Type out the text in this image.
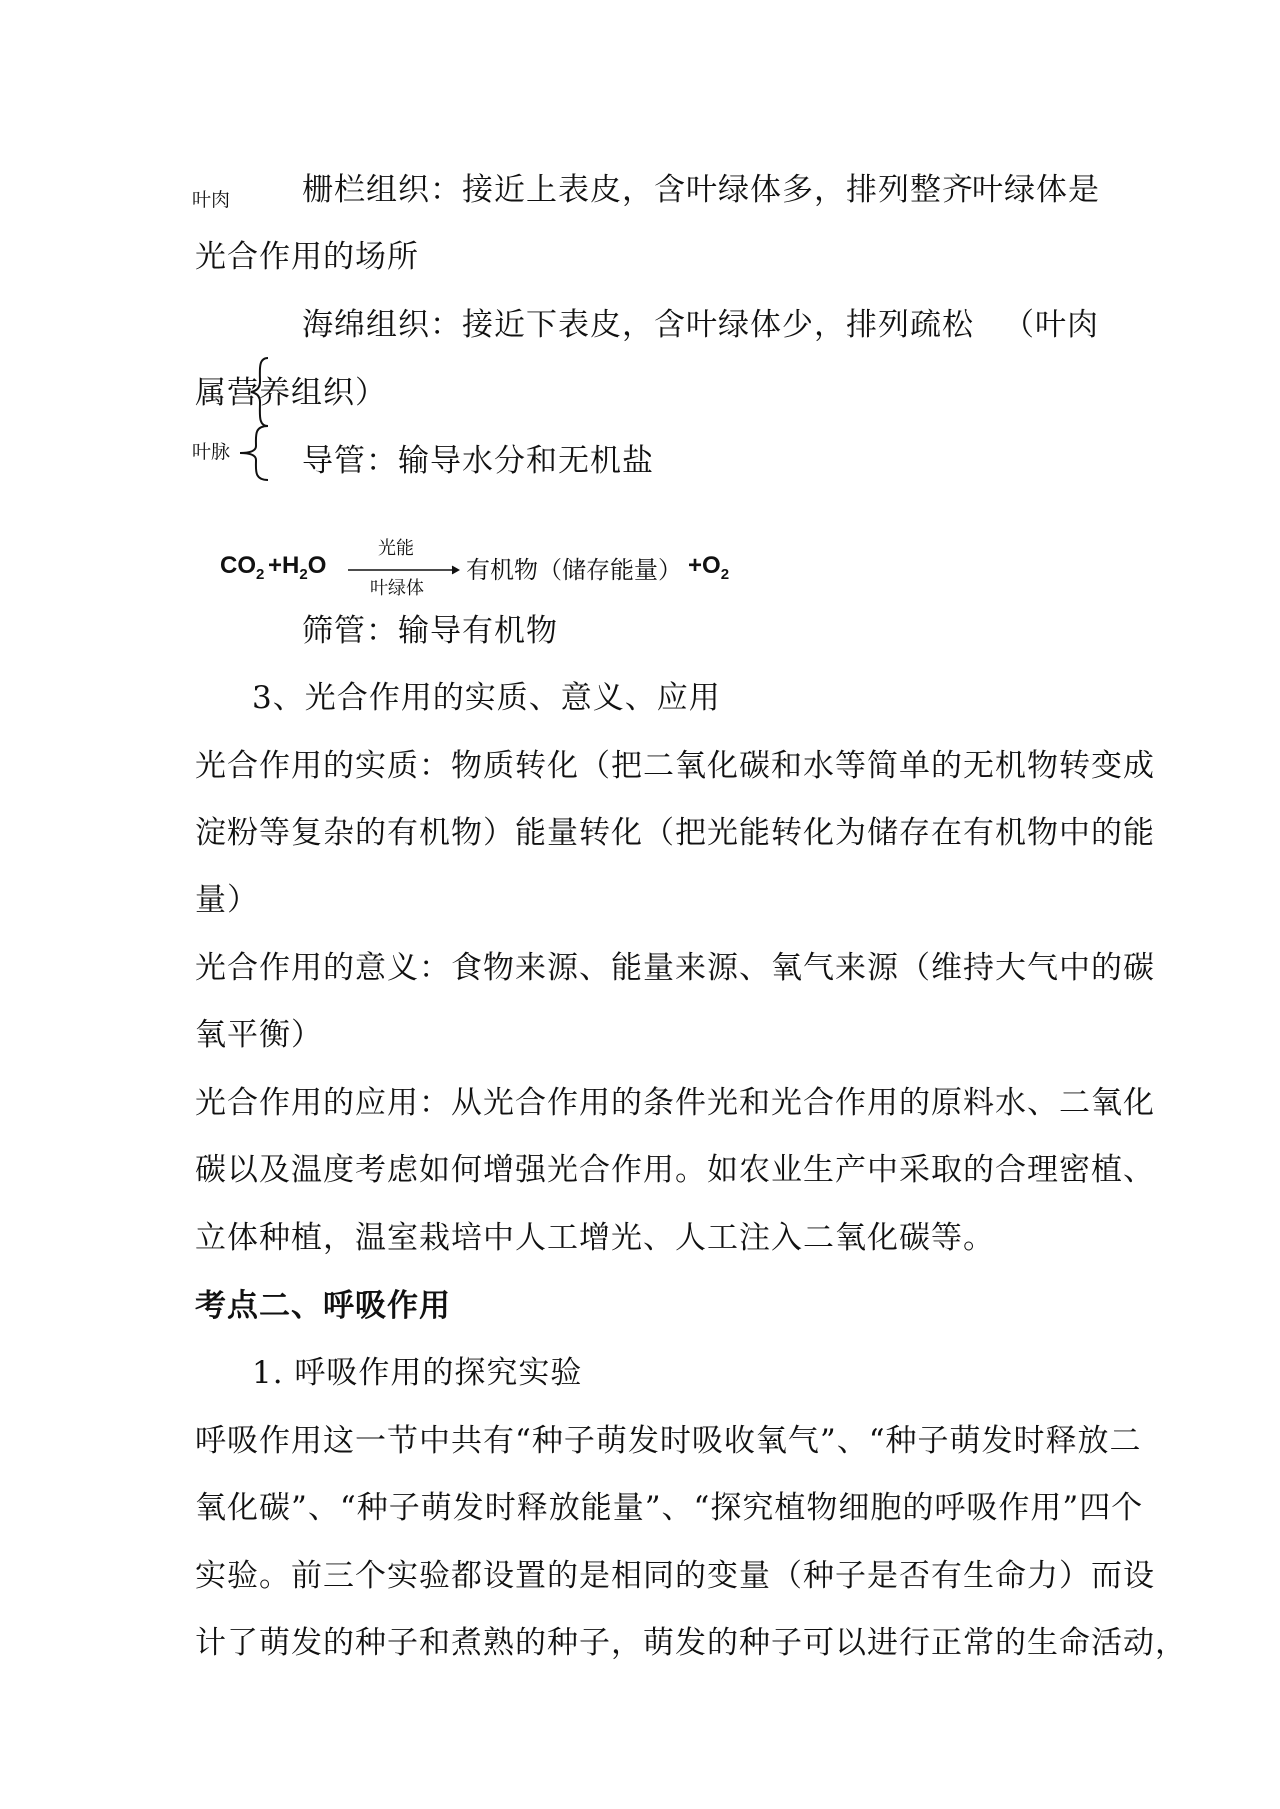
叶肉 栅栏组织：接近上表皮，含叶绿体多，排列整齐
叶绿体是
光合作用的场所
海绵组织：接近下表皮，含叶绿体少，排列疏松 （叶肉
属营养组织）
叶脉 导管：输导水分和无机盐
$CO_2 +H_2O$
光能
叶绿体
有机物（储存能量） $+O_2$
筛管：输导有机物
3、光合作用的实质、意义、应用
光合作用的实质：物质转化（把二氧化碳和水等简单的无机物转变成
淀粉等复杂的有机物）能量转化（把光能转化为储存在有机物中的能
量）
光合作用的意义：食物来源、能量来源、氧气来源（维持大气中的碳
氧平衡）
光合作用的应用：从光合作用的条件光和光合作用的原料水、二氧化
碳以及温度考虑如何增强光合作用。如农业生产中采取的合理密植、
立体种植，温室栽培中人工增光、人工注入二氧化碳等。
考点二、呼吸作用
1. 呼吸作用的探究实验
呼吸作用这一节中共有“种子萌发时吸收氧气”、“种子萌发时释放二
氧化碳”、“种子萌发时释放能量”、“探究植物细胞的呼吸作用”四个
实验。前三个实验都设置的是相同的变量（种子是否有生命力）而设
计了萌发的种子和煮熟的种子，萌发的种子可以进行正常的生命活动，
